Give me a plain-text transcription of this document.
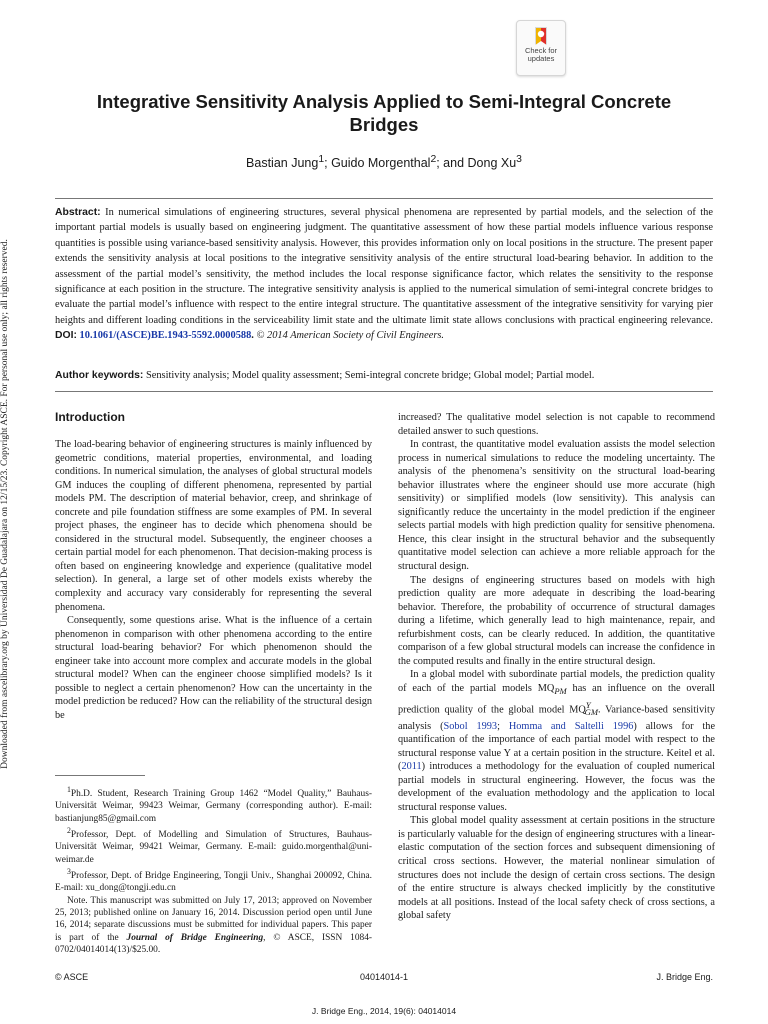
Downloaded from ascelibrary.org by Universidad De Guadalajara on 12/15/23. Copyright ASCE. For personal use only; all rights reserved.
Check for
updates
Integrative Sensitivity Analysis Applied to Semi-Integral Concrete Bridges
Bastian Jung$^1$; Guido Morgenthal$^2$; and Dong Xu$^3$
Abstract: In numerical simulations of engineering structures, several physical phenomena are represented by partial models, and the selection of the important partial models is usually based on engineering judgment. The quantitative assessment of how these partial models influence various response quantities is possible using variance-based sensitivity analysis. However, this provides information only on local positions in the structure. The present paper extends the sensitivity analysis at local positions to the integrative sensitivity analysis of the entire structural load-bearing behavior. In addition to the assessment of the partial model’s sensitivity, the method includes the local response significance factor, which relates the sensitivity to the response significance at each position in the structure. The integrative sensitivity analysis is applied to the numerical simulation of semi-integral concrete bridges to evaluate the partial model’s influence with respect to the entire integral structure. The quantitative assessment of the integrative sensitivity for varying pier heights and different loading conditions in the serviceability limit state and the ultimate limit state allows conclusions with practical engineering relevance. DOI: 10.1061/(ASCE)BE.1943-5592.0000588. © 2014 American Society of Civil Engineers.
Author keywords: Sensitivity analysis; Model quality assessment; Semi-integral concrete bridge; Global model; Partial model.
Introduction

The load-bearing behavior of engineering structures is mainly influenced by geometric conditions, material properties, environmental, and loading conditions. In numerical simulation, the analyses of global structural models GM induces the coupling of different phenomena, represented by partial models PM. The description of material behavior, creep, and shrinkage of concrete and pile foundation stiffness are some examples of PM. In several project phases, the engineer has to decide which phenomena should be considered in the structural model. Subsequently, the engineer chooses a certain partial model for each phenomenon. That decision-making process is often based on engineering knowledge and experience (qualitative model selection). In general, a large set of other models exists whereby the complexity and accuracy vary considerably for representing the several phenomena.

Consequently, some questions arise. What is the influence of a certain phenomenon in comparison with other phenomena according to the entire structural load-bearing behavior? For which phenomenon should the engineer take into account more complex and accurate models in the global structural model? When can the engineer choose simplified models? Is it possible to neglect a certain phenomenon? How can the uncertainty in the model prediction be reduced? How can the reliability of the structural design be

$^1$Ph.D. Student, Research Training Group 1462 “Model Quality,” Bauhaus-Universität Weimar, 99423 Weimar, Germany (corresponding author). E-mail: bastianjung85@gmail.com

$^2$Professor, Dept. of Modelling and Simulation of Structures, Bauhaus-Universität Weimar, 99421 Weimar, Germany. E-mail: guido.morgenthal@uni-weimar.de

$^3$Professor, Dept. of Bridge Engineering, Tongji Univ., Shanghai 200092, China. E-mail: xu_dong@tongji.edu.cn

Note. This manuscript was submitted on July 17, 2013; approved on November 25, 2013; published online on January 16, 2014. Discussion period open until June 16, 2014; separate discussions must be submitted for individual papers. This paper is part of the Journal of Bridge Engineering, © ASCE, ISSN 1084-0702/04014014(13)/$25.00.

increased? The qualitative model selection is not capable to recommend detailed answer to such questions.

In contrast, the quantitative model evaluation assists the model selection process in numerical simulations to reduce the modeling uncertainty. The analysis of the phenomena’s sensitivity on the structural load-bearing behavior illustrates where the engineer should use more accurate (high sensitivity) or simplified models (low sensitivity). This analysis can significantly reduce the uncertainty in the model prediction if the engineer selects partial models with high prediction quality for sensitive phenomena. Hence, this clear insight in the structural behavior and the subsequently quantitative model selection can achieve a more reliable approach for the structural design.

The designs of engineering structures based on models with high prediction quality are more adequate in describing the load-bearing behavior. Therefore, the probability of occurrence of structural damages during a lifetime, which generally lead to high maintenance, repair, and refurbishment costs, can be clearly reduced. In addition, the quantitative comparison of a few global structural models can increase the confidence in the computed results and finally in the entire structural design.

In a global model with subordinate partial models, the prediction quality of each of the partial models $MQ_{PM}$ has an influence on the overall prediction quality of the global model $MQ^Y_{GM}$. Variance-based sensitivity analysis (Sobol 1993; Homma and Saltelli 1996) allows for the quantification of the importance of each partial model with respect to the structural response value Y at a certain position in the structure. Keitel et al. (2011) introduces a methodology for the evaluation of coupled numerical partial models in structural engineering. However, the focus was the development of the evaluation methodology and the application to local structural response values.

This global model quality assessment at certain positions in the structure is particularly valuable for the design of engineering structures with a linear-elastic computation of the section forces and subsequent dimensioning of critical cross sections. However, the material nonlinear simulation of structures does not include the design of certain cross sections. The design of the entire structure is always checked implicitly by the constitutive models at all positions. Instead of the local safety check of cross sections, a global safety

© ASCE	04014014-1	J. Bridge Eng.
J. Bridge Eng., 2014, 19(6): 04014014
